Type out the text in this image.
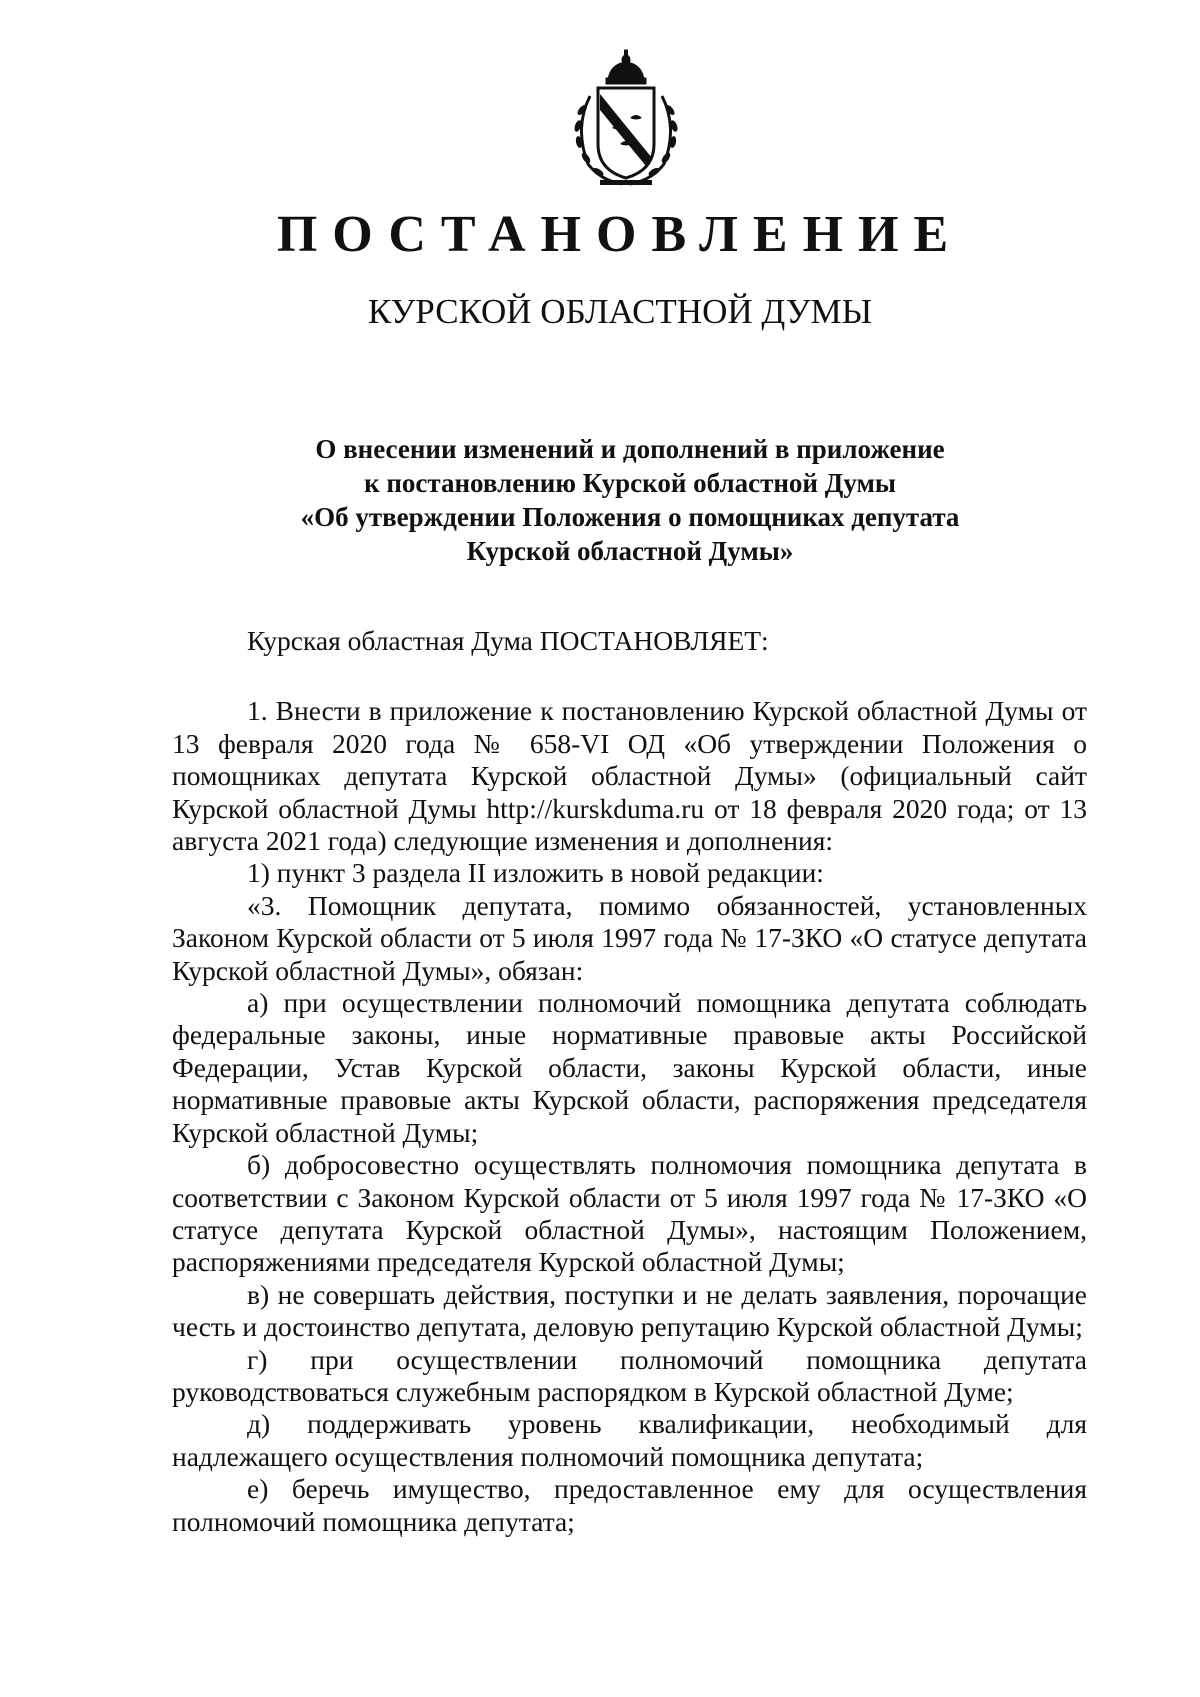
ПОСТАНОВЛЕНИЕ
КУРСКОЙ ОБЛАСТНОЙ ДУМЫ
О внесении изменений и дополнений в приложение
к постановлению Курской областной Думы
«Об утверждении Положения о помощниках депутата
Курской областной Думы»

Курская областная Дума ПОСТАНОВЛЯЕТ:

1. Внести в приложение к постановлению Курской областной Думы от 13 февраля 2020 года № 658-VI ОД «Об утверждении Положения о помощниках депутата Курской областной Думы» (официальный сайт Курской областной Думы http://kurskduma.ru от 18 февраля 2020 года; от 13 августа 2021 года) следующие изменения и дополнения:

1) пункт 3 раздела II изложить в новой редакции:

«3. Помощник депутата, помимо обязанностей, установленных Законом Курской области от 5 июля 1997 года № 17-ЗКО «О статусе депутата Курской областной Думы», обязан:

а) при осуществлении полномочий помощника депутата соблюдать федеральные законы, иные нормативные правовые акты Российской Федерации, Устав Курской области, законы Курской области, иные нормативные правовые акты Курской области, распоряжения председателя Курской областной Думы;

б) добросовестно осуществлять полномочия помощника депутата в соответствии с Законом Курской области от 5 июля 1997 года № 17-ЗКО «О статусе депутата Курской областной Думы», настоящим Положением, распоряжениями председателя Курской областной Думы;

в) не совершать действия, поступки и не делать заявления, порочащие честь и достоинство депутата, деловую репутацию Курской областной Думы;

г) при осуществлении полномочий помощника депутата руководствоваться служебным распорядком в Курской областной Думе;

д) поддерживать уровень квалификации, необходимый для надлежащего осуществления полномочий помощника депутата;

е) беречь имущество, предоставленное ему для осуществления полномочий помощника депутата;
